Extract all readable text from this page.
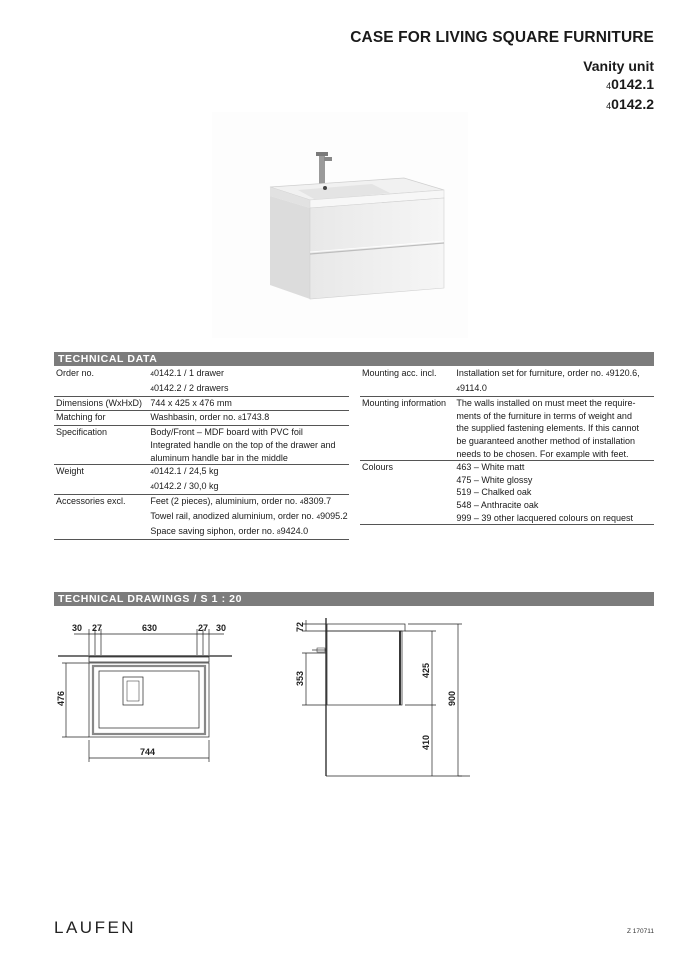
CASE FOR LIVING SQUARE FURNITURE
Vanity unit
40142.1
40142.2
TECHNICAL DATA
Order no.	40142.1 / 1 drawer
40142.2 / 2 drawers
Dimensions (WxHxD) 744 x 425 x 476 mm
Matching for	Washbasin, order no. 81743.8
Specification	Body/Front – MDF board with PVC foil
Integrated handle on the top of the drawer and
aluminum handle bar in the middle
Weight	40142.1 / 24,5 kg
40142.2 / 30,0 kg
Accessories excl.	Feet (2 pieces), aluminium, order no. 48309.7
Towel rail, anodized aluminium, order no. 49095.2
Space saving siphon, order no. 89424.0
Mounting acc. incl.	Installation set for furniture, order no. 49120.6,
49114.0
Mounting information	The walls installed on must meet the require-
ments of the furniture in terms of weight and
the supplied fastening elements. If this cannot
be guaranteed another method of installation
needs to be chosen. For example with feet.
Colours	463 – White matt
475 – White glossy
519 – Chalked oak
548 – Anthracite oak
999 – 39 other lacquered colours on request
TECHNICAL DRAWINGS / S 1 : 20
30 27	630	27 30
476
744
72
353
425
900
410
LAUFEN	Z 170711
